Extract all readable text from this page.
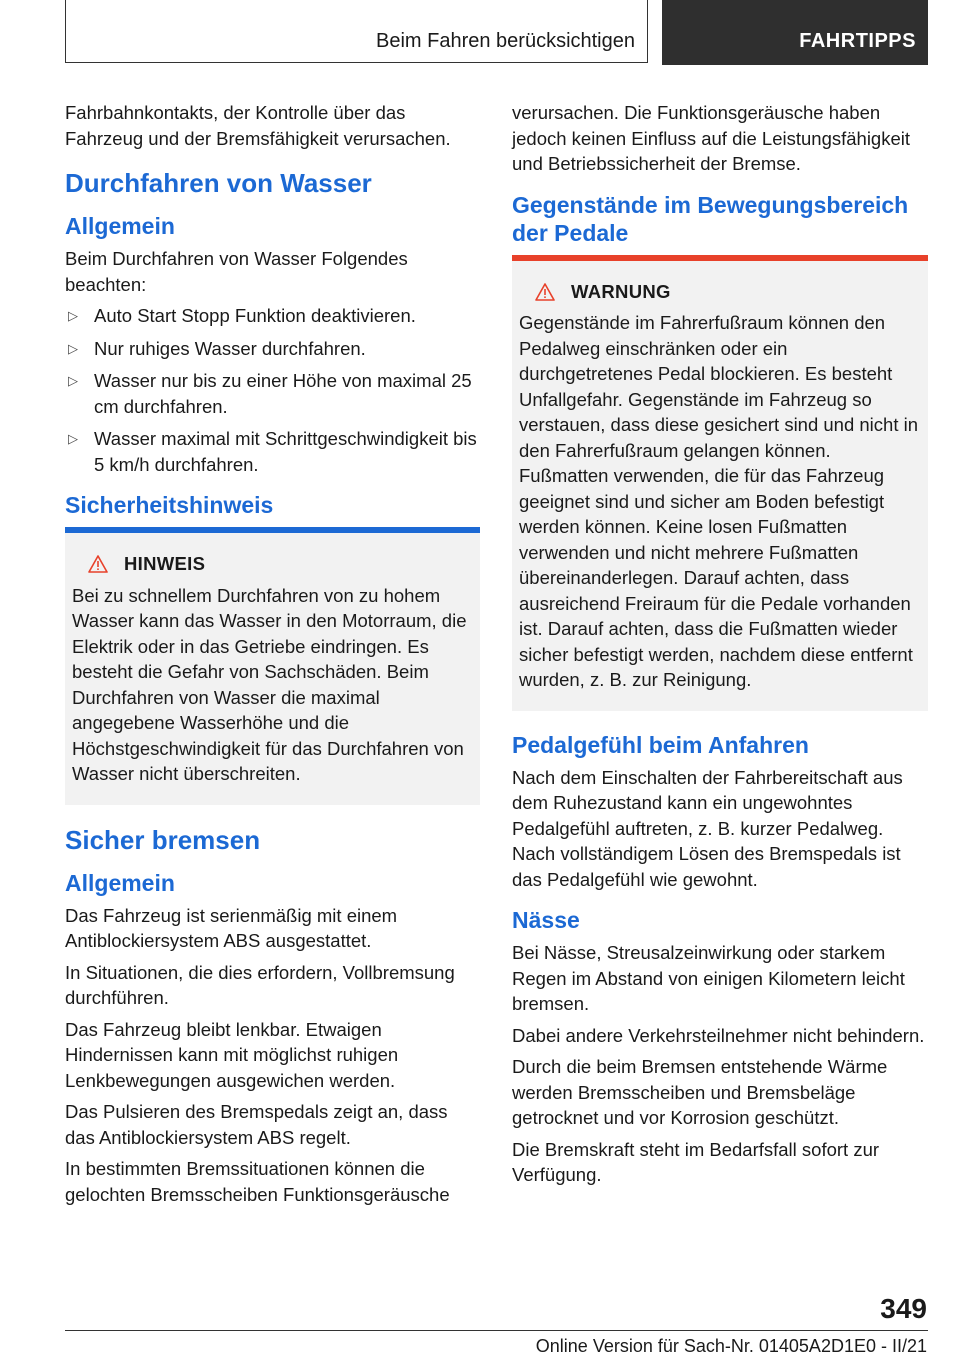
Beim Fahren berücksichtigen	FAHRTIPPS

Fahrbahnkontakts, der Kontrolle über das Fahrzeug und der Bremsfähigkeit verursachen.

Durchfahren von Wasser
Allgemein

Beim Durchfahren von Wasser Folgendes beachten:

▷ Auto Start Stopp Funktion deaktivieren.
▷ Nur ruhiges Wasser durchfahren.
▷ Wasser nur bis zu einer Höhe von maximal 25 cm durchfahren.
▷ Wasser maximal mit Schrittgeschwindigkeit bis 5 km/h durchfahren.
Sicherheitshinweis
HINWEIS

Bei zu schnellem Durchfahren von zu hohem Wasser kann das Wasser in den Motorraum, die Elektrik oder in das Getriebe eindringen. Es besteht die Gefahr von Sachschäden. Beim Durchfahren von Wasser die maximal angegebene Wasserhöhe und die Höchstgeschwindigkeit für das Durchfahren von Wasser nicht überschreiten.

Sicher bremsen
Allgemein

Das Fahrzeug ist serienmäßig mit einem Antiblockiersystem ABS ausgestattet.

In Situationen, die dies erfordern, Vollbremsung durchführen.

Das Fahrzeug bleibt lenkbar. Etwaigen Hindernissen kann mit möglichst ruhigen Lenkbewegungen ausgewichen werden.

Das Pulsieren des Bremspedals zeigt an, dass das Antiblockiersystem ABS regelt.

In bestimmten Bremssituationen können die gelochten Bremsscheiben Funktionsgeräusche

verursachen. Die Funktionsgeräusche haben jedoch keinen Einfluss auf die Leistungsfähigkeit und Betriebssicherheit der Bremse.

Gegenstände im Bewegungsbereich der Pedale
WARNUNG

Gegenstände im Fahrerfußraum können den Pedalweg einschränken oder ein durchgetretenes Pedal blockieren. Es besteht Unfallgefahr. Gegenstände im Fahrzeug so verstauen, dass diese gesichert sind und nicht in den Fahrerfußraum gelangen können. Fußmatten verwenden, die für das Fahrzeug geeignet sind und sicher am Boden befestigt werden können. Keine losen Fußmatten verwenden und nicht mehrere Fußmatten übereinanderlegen. Darauf achten, dass ausreichend Freiraum für die Pedale vorhanden ist. Darauf achten, dass die Fußmatten wieder sicher befestigt werden, nachdem diese entfernt wurden, z. B. zur Reinigung.

Pedalgefühl beim Anfahren

Nach dem Einschalten der Fahrbereitschaft aus dem Ruhezustand kann ein ungewohntes Pedalgefühl auftreten, z. B. kurzer Pedalweg. Nach vollständigem Lösen des Bremspedals ist das Pedalgefühl wie gewohnt.

Nässe

Bei Nässe, Streusalzeinwirkung oder starkem Regen im Abstand von einigen Kilometern leicht bremsen.

Dabei andere Verkehrsteilnehmer nicht behindern.

Durch die beim Bremsen entstehende Wärme werden Bremsscheiben und Bremsbeläge getrocknet und vor Korrosion geschützt.

Die Bremskraft steht im Bedarfsfall sofort zur Verfügung.

349
Online Version für Sach-Nr. 01405A2D1E0 - II/21
